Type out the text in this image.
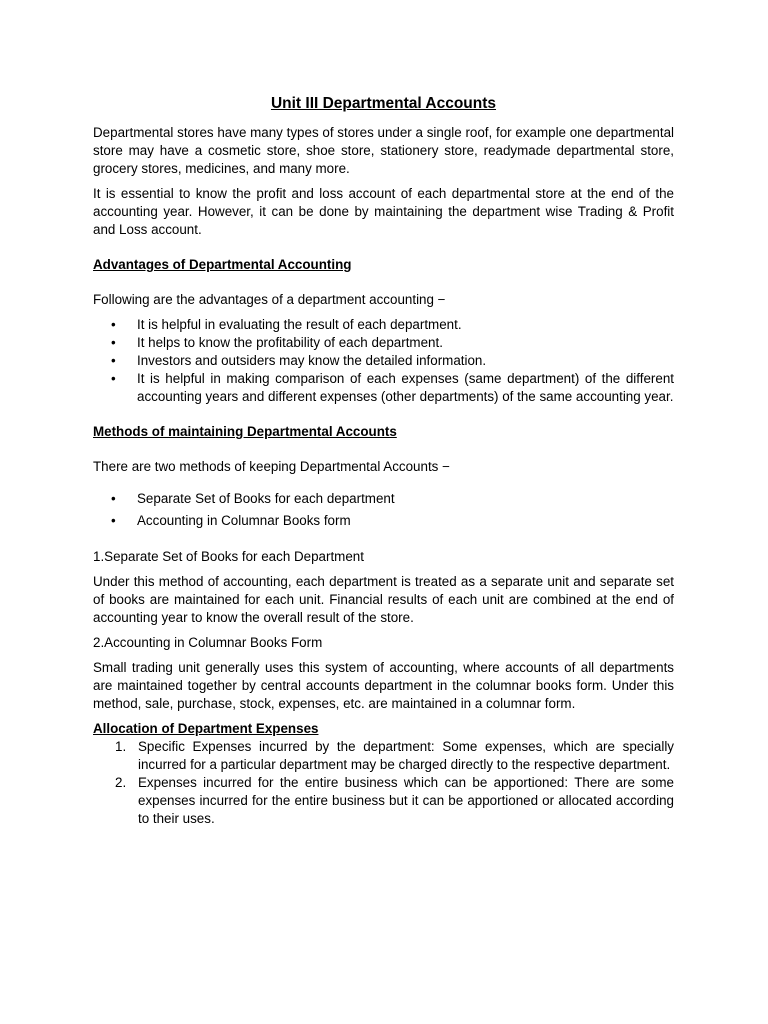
Unit III Departmental Accounts

Departmental stores have many types of stores under a single roof, for example one departmental store may have a cosmetic store, shoe store, stationery store, readymade departmental store, grocery stores, medicines, and many more.

It is essential to know the profit and loss account of each departmental store at the end of the accounting year. However, it can be done by maintaining the department wise Trading & Profit and Loss account.

Advantages of Departmental Accounting

Following are the advantages of a department accounting −

• It is helpful in evaluating the result of each department.
• It helps to know the profitability of each department.
• Investors and outsiders may know the detailed information.
• It is helpful in making comparison of each expenses (same department) of the different accounting years and different expenses (other departments) of the same accounting year.
Methods of maintaining Departmental Accounts

There are two methods of keeping Departmental Accounts −

• Separate Set of Books for each department
• Accounting in Columnar Books form

1.Separate Set of Books for each Department

Under this method of accounting, each department is treated as a separate unit and separate set of books are maintained for each unit. Financial results of each unit are combined at the end of accounting year to know the overall result of the store.

2.Accounting in Columnar Books Form

Small trading unit generally uses this system of accounting, where accounts of all departments are maintained together by central accounts department in the columnar books form. Under this method, sale, purchase, stock, expenses, etc. are maintained in a columnar form.

Allocation of Department Expenses
1. Specific Expenses incurred by the department: Some expenses, which are specially incurred for a particular department may be charged directly to the respective department.
2. Expenses incurred for the entire business which can be apportioned: There are some expenses incurred for the entire business but it can be apportioned or allocated according to their uses.
